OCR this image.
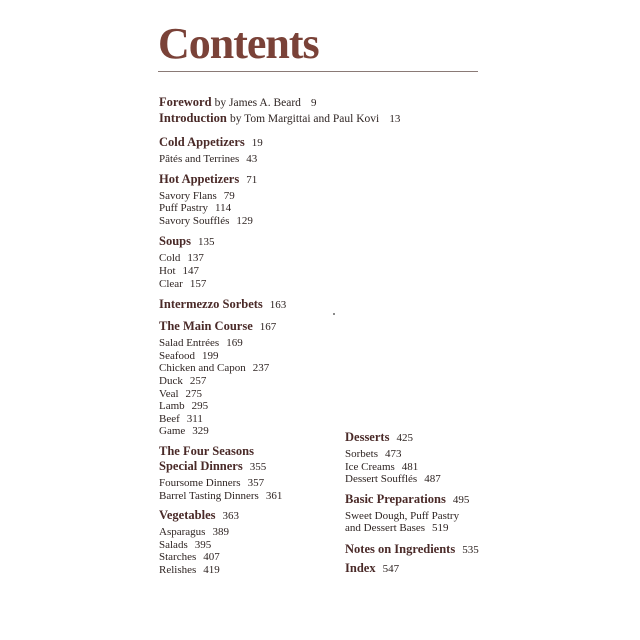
Contents
Foreword by James A. Beard 9
Introduction by Tom Margittai and Paul Kovi 13
Cold Appetizers 19
Pâtés and Terrines 43
Hot Appetizers 71
Savory Flans 79
Puff Pastry 114
Savory Soufflés 129
Soups 135
Cold 137
Hot 147
Clear 157
Intermezzo Sorbets 163
The Main Course 167
Salad Entrées 169
Seafood 199
Chicken and Capon 237
Duck 257
Veal 275
Lamb 295
Beef 311
Game 329
The Four Seasons
Special Dinners 355
Foursome Dinners 357
Barrel Tasting Dinners 361
Vegetables 363
Asparagus 389
Salads 395
Starches 407
Relishes 419
Desserts 425
Sorbets 473
Ice Creams 481
Dessert Soufflés 487
Basic Preparations 495
Sweet Dough, Puff Pastry
and Dessert Bases 519
Notes on Ingredients 535
Index 547
